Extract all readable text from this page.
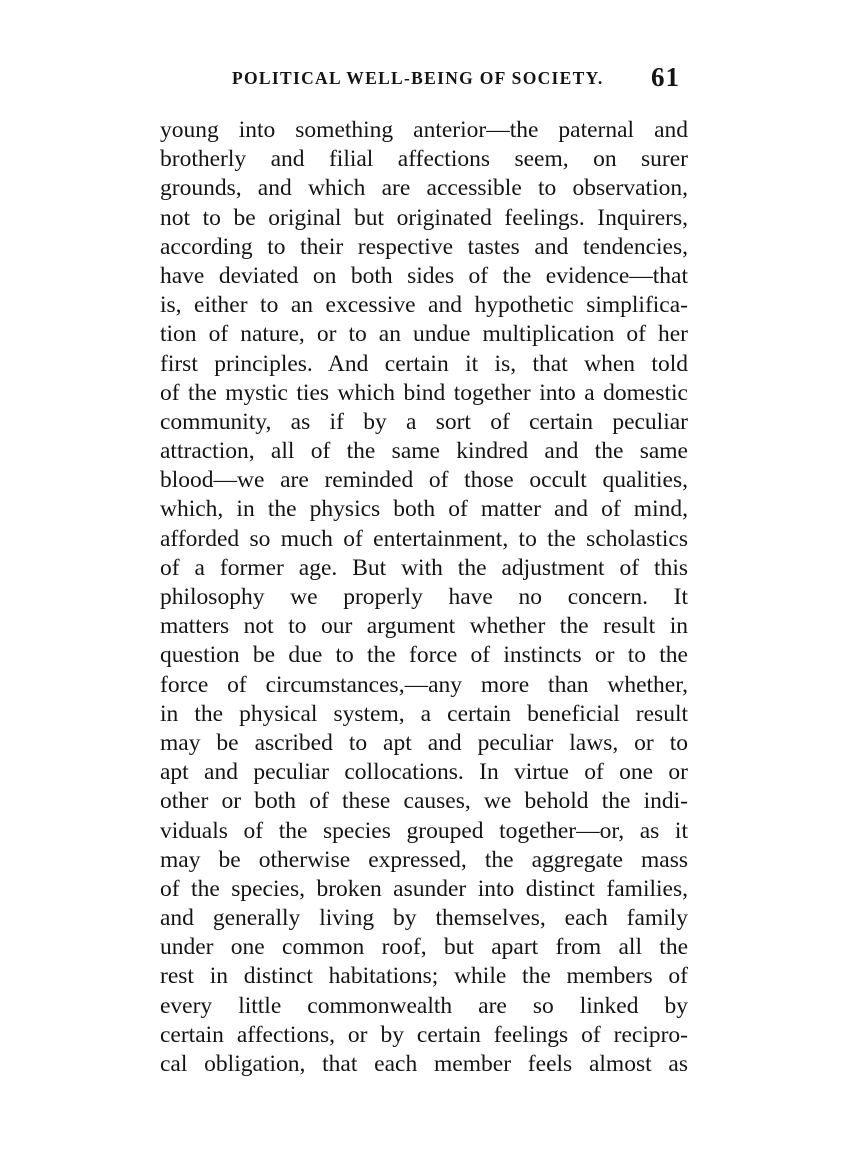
POLITICAL WELL-BEING OF SOCIETY. 61
young into something anterior—the paternal and
brotherly and filial affections seem, on surer
grounds, and which are accessible to observation,
not to be original but originated feelings. Inquirers,
according to their respective tastes and tendencies,
have deviated on both sides of the evidence—that
is, either to an excessive and hypothetic simplifica-
tion of nature, or to an undue multiplication of her
first principles. And certain it is, that when told
of the mystic ties which bind together into a domestic
community, as if by a sort of certain peculiar
attraction, all of the same kindred and the same
blood—we are reminded of those occult qualities,
which, in the physics both of matter and of mind,
afforded so much of entertainment, to the scholastics
of a former age. But with the adjustment of this
philosophy we properly have no concern. It
matters not to our argument whether the result in
question be due to the force of instincts or to the
force of circumstances,—any more than whether,
in the physical system, a certain beneficial result
may be ascribed to apt and peculiar laws, or to
apt and peculiar collocations. In virtue of one or
other or both of these causes, we behold the indi-
viduals of the species grouped together—or, as it
may be otherwise expressed, the aggregate mass
of the species, broken asunder into distinct families,
and generally living by themselves, each family
under one common roof, but apart from all the
rest in distinct habitations; while the members of
every little commonwealth are so linked by
certain affections, or by certain feelings of recipro-
cal obligation, that each member feels almost as
